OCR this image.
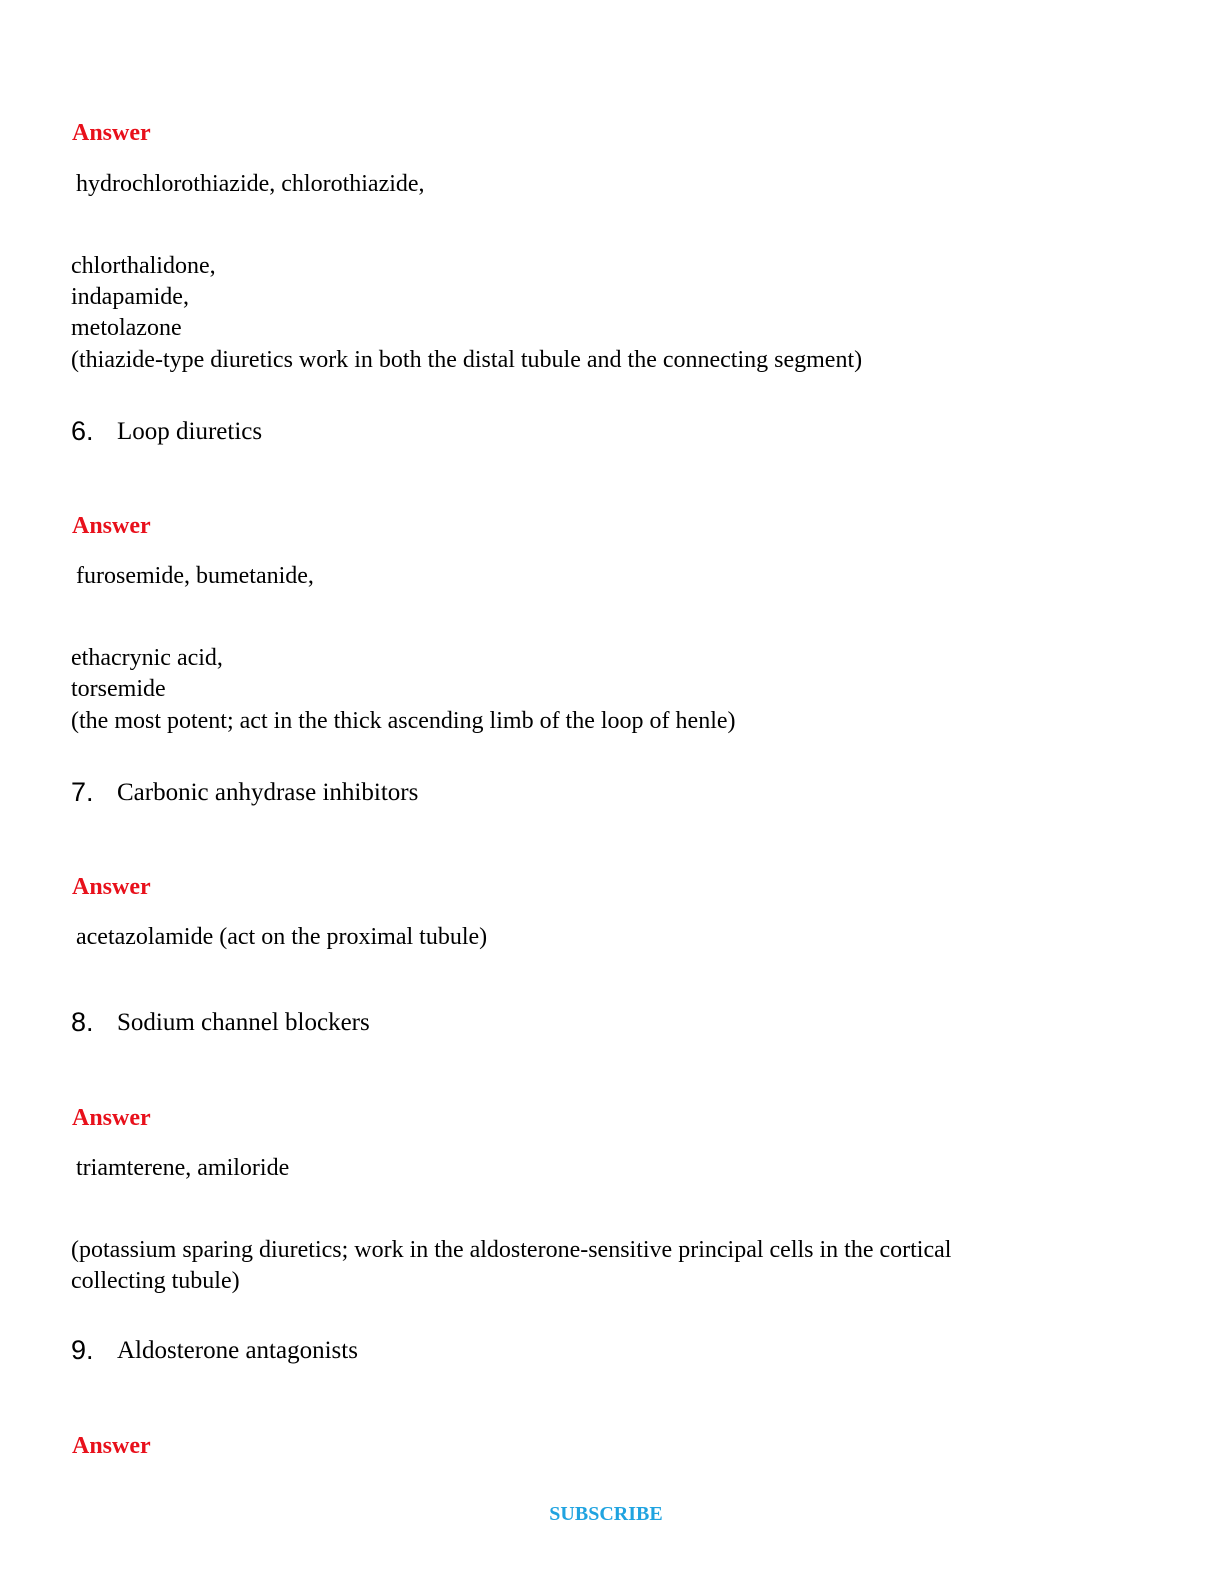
Answer
hydrochlorothiazide, chlorothiazide,
chlorthalidone,
indapamide,
metolazone
(thiazide-type diuretics work in both the distal tubule and the connecting segment)
6. Loop diuretics
Answer
furosemide, bumetanide,
ethacrynic acid,
torsemide
(the most potent; act in the thick ascending limb of the loop of henle)
7. Carbonic anhydrase inhibitors
Answer
acetazolamide (act on the proximal tubule)
8. Sodium channel blockers
Answer
triamterene, amiloride
(potassium sparing diuretics; work in the aldosterone-sensitive principal cells in the cortical
collecting tubule)
9. Aldosterone antagonists
Answer
SUBSCRIBE
